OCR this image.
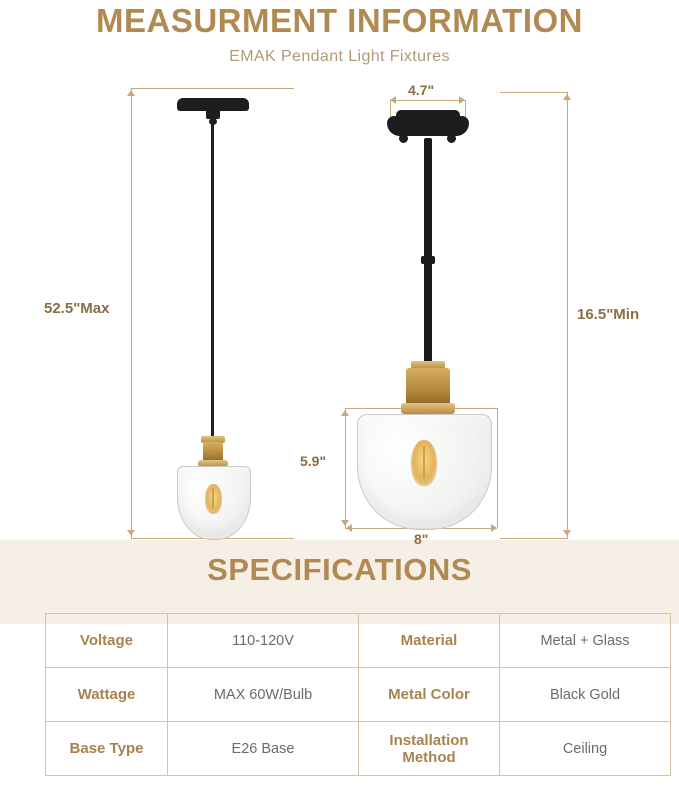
MEASURMENT INFORMATION
EMAK Pendant Light Fixtures
52.5"Max
4.7"
16.5"Min
5.9"
8"
SPECIFICATIONS
Voltage	110-120V	Material	Metal + Glass
Wattage	MAX 60W/Bulb	Metal Color	Black Gold
Base Type	E26 Base	Installation Method	Ceiling
